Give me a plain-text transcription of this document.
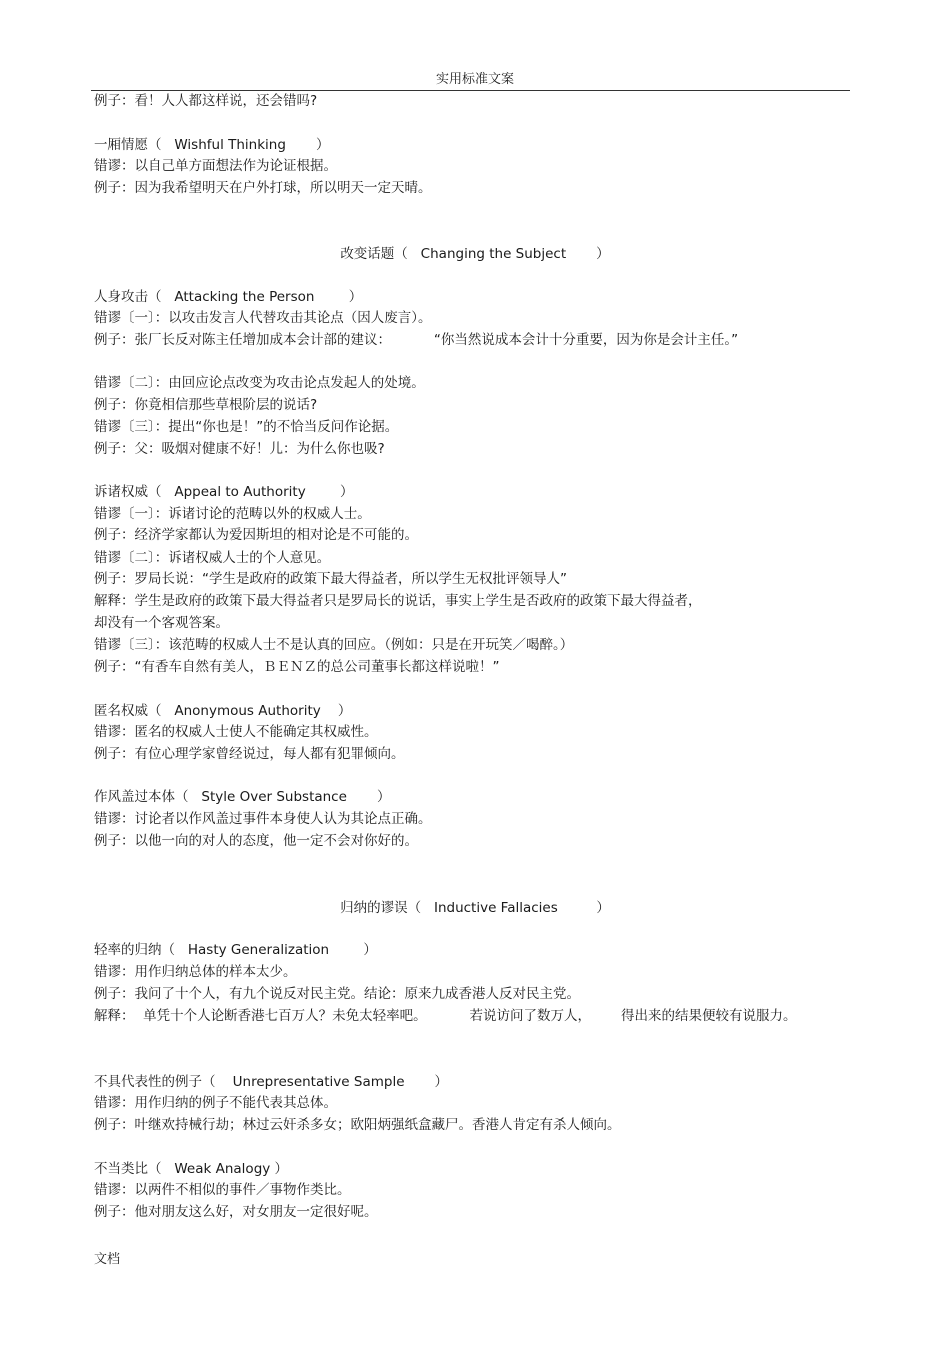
实用标准文案
例子：看！人人都这样说，还会错吗?
一厢情愿（   Wishful Thinking       ）
错谬：以自己单方面想法作为论证根据。
例子：因为我希望明天在户外打球，所以明天一定天晴。
改变话题（   Changing the Subject       ）
人身攻击（   Attacking the Person        ）
错谬〔一〕：以攻击发言人代替攻击其论点（因人废言）。
例子：张厂长反对陈主任增加成本会计部的建议：          “你当然说成本会计十分重要，因为你是会计主任。”
错谬〔二〕：由回应论点改变为攻击论点发起人的处境。
例子：你竟相信那些草根阶层的说话?
错谬〔三〕：提出“你也是！”的不恰当反问作论据。
例子：父：吸烟对健康不好！儿：为什么你也吸?
诉诸权威（   Appeal to Authority        ）
错谬〔一〕：诉诸讨论的范畴以外的权威人士。
例子：经济学家都认为爱因斯坦的相对论是不可能的。
错谬〔二〕：诉诸权威人士的个人意见。
例子：罗局长说：“学生是政府的政策下最大得益者，所以学生无权批评领导人”
解释：学生是政府的政策下最大得益者只是罗局长的说话，事实上学生是否政府的政策下最大得益者，
却没有一个客观答案。
错谬〔三〕：该范畴的权威人士不是认真的回应。（例如：只是在开玩笑／喝醉。）
例子：“有香车自然有美人，ＢＥＮＺ的总公司董事长都这样说啦！”
匿名权威（   Anonymous Authority    ）
错谬：匿名的权威人士使人不能确定其权威性。
例子：有位心理学家曾经说过，每人都有犯罪倾向。
作风盖过本体（   Style Over Substance       ）
错谬：讨论者以作风盖过事件本身使人认为其论点正确。
例子：以他一向的对人的态度，他一定不会对你好的。
归纳的谬误（   Inductive Fallacies         ）
轻率的归纳（   Hasty Generalization        ）
错谬：用作归纳总体的样本太少。
例子：我问了十个人，有九个说反对民主党。结论：原来九成香港人反对民主党。
解释：  单凭十个人论断香港七百万人？未免太轻率吧。          若说访问了数万人，       得出来的结果便较有说服力。
不具代表性的例子（    Unrepresentative Sample       ）
错谬：用作归纳的例子不能代表其总体。
例子：叶继欢持械行劫；林过云奸杀多女；欧阳炳强纸盒藏尸。香港人肯定有杀人倾向。
不当类比（   Weak Analogy ）
错谬：以两件不相似的事件／事物作类比。
例子：他对朋友这么好，对女朋友一定很好呢。
文档
